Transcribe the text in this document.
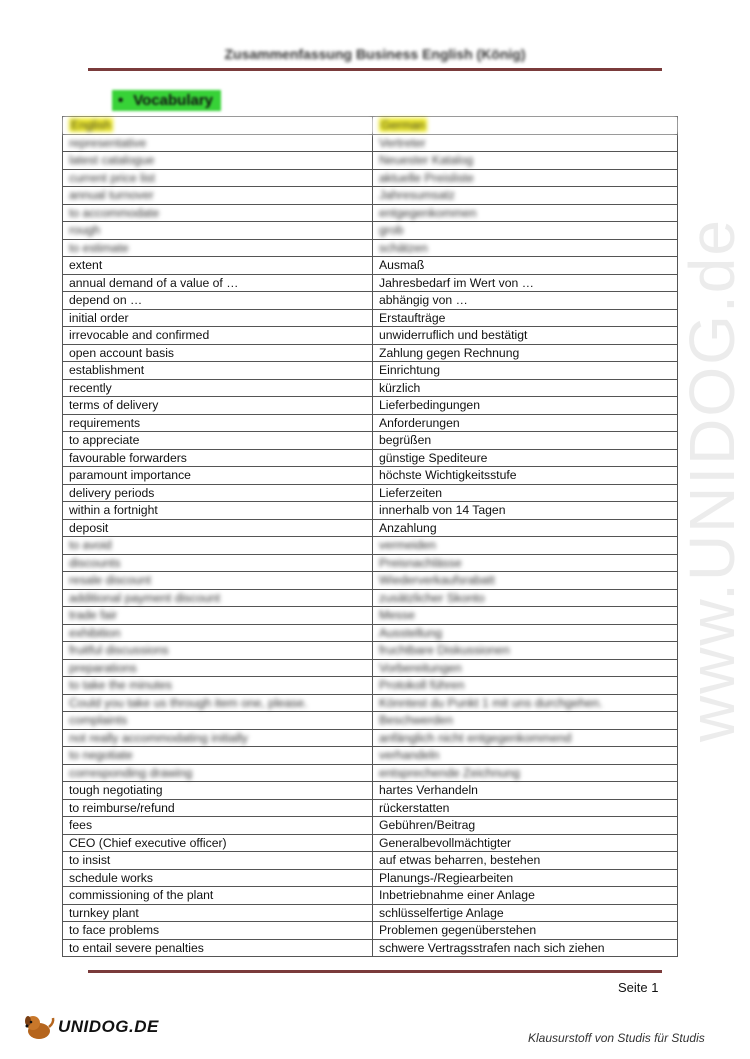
www.UNIDOG.de
Zusammenfassung Business English (König)
• Vocabulary
English	German
representative	Vertreter
latest catalogue	Neuester Katalog
current price list	aktuelle Preisliste
annual turnover	Jahresumsatz
to accommodate	entgegenkommen
rough	grob
to estimate	schätzen
extent	Ausmaß
annual demand of a value of …	Jahresbedarf im Wert von …
depend on …	abhängig von …
initial order	Erstaufträge
irrevocable and confirmed	unwiderruflich und bestätigt
open account basis	Zahlung gegen Rechnung
establishment	Einrichtung
recently	kürzlich
terms of delivery	Lieferbedingungen
requirements	Anforderungen
to appreciate	begrüßen
favourable forwarders	günstige Spediteure
paramount importance	höchste Wichtigkeitsstufe
delivery periods	Lieferzeiten
within a fortnight	innerhalb von 14 Tagen
deposit	Anzahlung
to avoid	vermeiden
discounts	Preisnachlässe
resale discount	Wiederverkaufsrabatt
additional payment discount	zusätzlicher Skonto
trade fair	Messe
exhibition	Ausstellung
fruitful discussions	fruchtbare Diskussionen
preparations	Vorbereitungen
to take the minutes	Protokoll führen
Could you take us through item one, please.	Könntest du Punkt 1 mit uns durchgehen.
complaints	Beschwerden
not really accommodating initially	anfänglich nicht entgegenkommend
to negotiate	verhandeln
corresponding drawing	entsprechende Zeichnung
tough negotiating	hartes Verhandeln
to reimburse/refund	rückerstatten
fees	Gebühren/Beitrag
CEO (Chief executive officer)	Generalbevollmächtigter
to insist	auf etwas beharren, bestehen
schedule works	Planungs-/Regiearbeiten
commissioning of the plant	Inbetriebnahme einer Anlage
turnkey plant	schlüsselfertige Anlage
to face problems	Problemen gegenüberstehen
to entail severe penalties	schwere Vertragsstrafen nach sich ziehen
Seite 1
UNIDOG.DE
Klausurstoff von Studis für Studis
